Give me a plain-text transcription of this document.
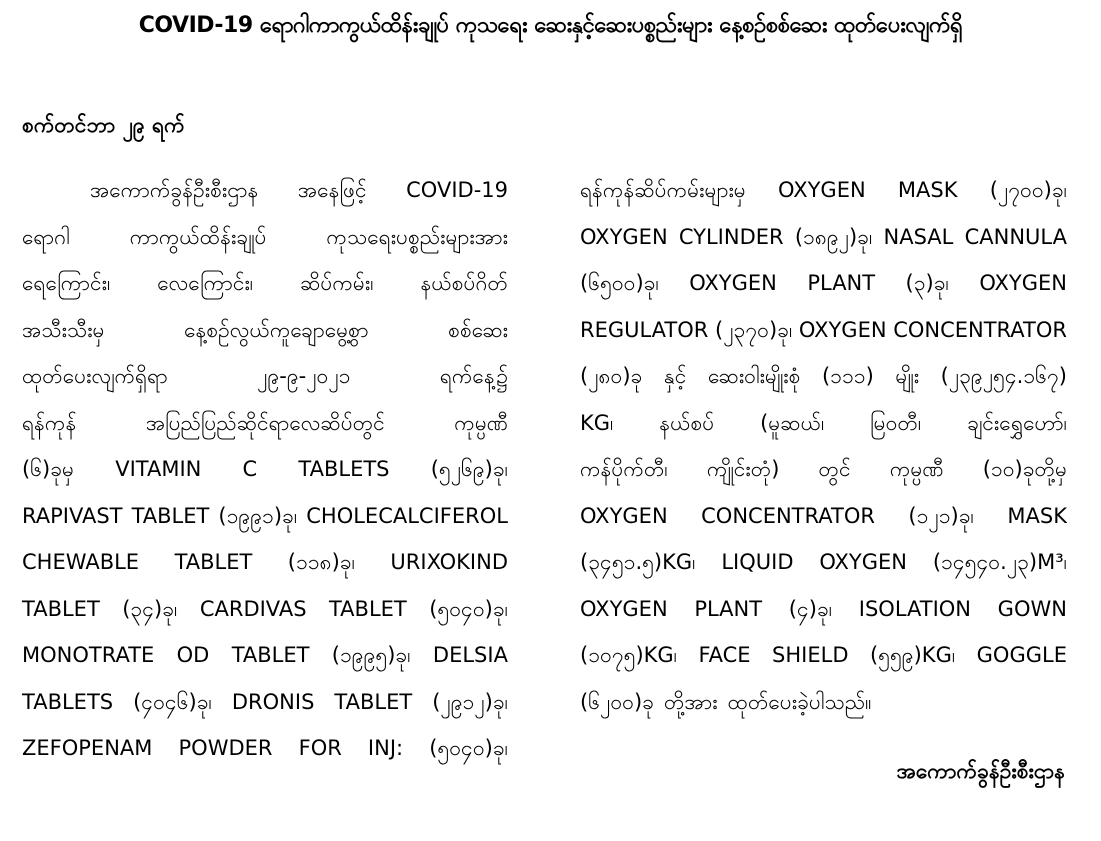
COVID-19 ရောဂါကာကွယ်ထိန်းချုပ် ကုသရေး ဆေးနှင့်ဆေးပစ္စည်းများ နေ့စဉ်စစ်ဆေး ထုတ်ပေးလျက်ရှိ
စက်တင်ဘာ ၂၉ ရက်
အကောက်ခွန်ဦးစီးဌာန အနေဖြင့် COVID-19
ရောဂါ	ကာကွယ်ထိန်းချုပ်	ကုသရေးပစ္စည်းများအား
ရေကြောင်း၊ လေကြောင်း၊ ဆိပ်ကမ်း၊ နယ်စပ်ဂိတ်
အသီးသီးမှ	နေ့စဉ်လွယ်ကူချောမွေ့စွာ	စစ်ဆေး
ထုတ်ပေးလျက်ရှိရာ	၂၉-၉-၂၀၂၁	ရက်နေ့၌
ရန်ကုန်	အပြည်ပြည်ဆိုင်ရာလေဆိပ်တွင်	ကုမ္ပဏီ
(၆)ခုမှ VITAMIN C TABLETS (၅၂၆၉)ခု၊
RAPIVAST TABLET (၁၉၉၁)ခု၊ CHOLECALCIFEROL
CHEWABLE TABLET (၁၁၈)ခု၊ URIXOKIND
TABLET (၃၄)ခု၊ CARDIVAS TABLET (၅၀၄၀)ခု၊
MONOTRATE OD TABLET (၁၉၉၅)ခု၊ DELSIA
TABLETS (၄၀၄၆)ခု၊ DRONIS TABLET (၂၉၁၂)ခု၊
ZEFOPENAM POWDER FOR INJ: (၅၀၄၀)ခု၊
ရန်ကုန်ဆိပ်ကမ်းများမှ OXYGEN MASK (၂၇၀၀)ခု၊
OXYGEN CYLINDER (၁၈၉၂)ခု၊ NASAL CANNULA
(၆၅၀၀)ခု၊ OXYGEN PLANT (၃)ခု၊ OXYGEN
REGULATOR (၂၃၇၀)ခု၊ OXYGEN CONCENTRATOR
(၂၈၀)ခု နှင့် ဆေးဝါးမျိုးစုံ (၁၁၁) မျိုး (၂၃၉၂၅၄.၁၆၇)
KG၊ နယ်စပ် (မူဆယ်၊ မြဝတီ၊ ချင်းရွှေဟော်၊
ကန်ပိုက်တီ၊ ကျိုင်းတုံ) တွင် ကုမ္ပဏီ (၁၀)ခုတို့မှ
OXYGEN CONCENTRATOR (၁၂၁)ခု၊ MASK
(၃၄၅၁.၅)KG၊ LIQUID OXYGEN (၁၄၅၄၀.၂၃)M³၊
OXYGEN PLANT (၄)ခု၊ ISOLATION GOWN
(၁၀၇၅)KG၊ FACE SHIELD (၅၅၉)KG၊ GOGGLE
(၆၂၀၀)ခု တို့အား ထုတ်ပေးခဲ့ပါသည်။
အကောက်ခွန်ဦးစီးဌာန
